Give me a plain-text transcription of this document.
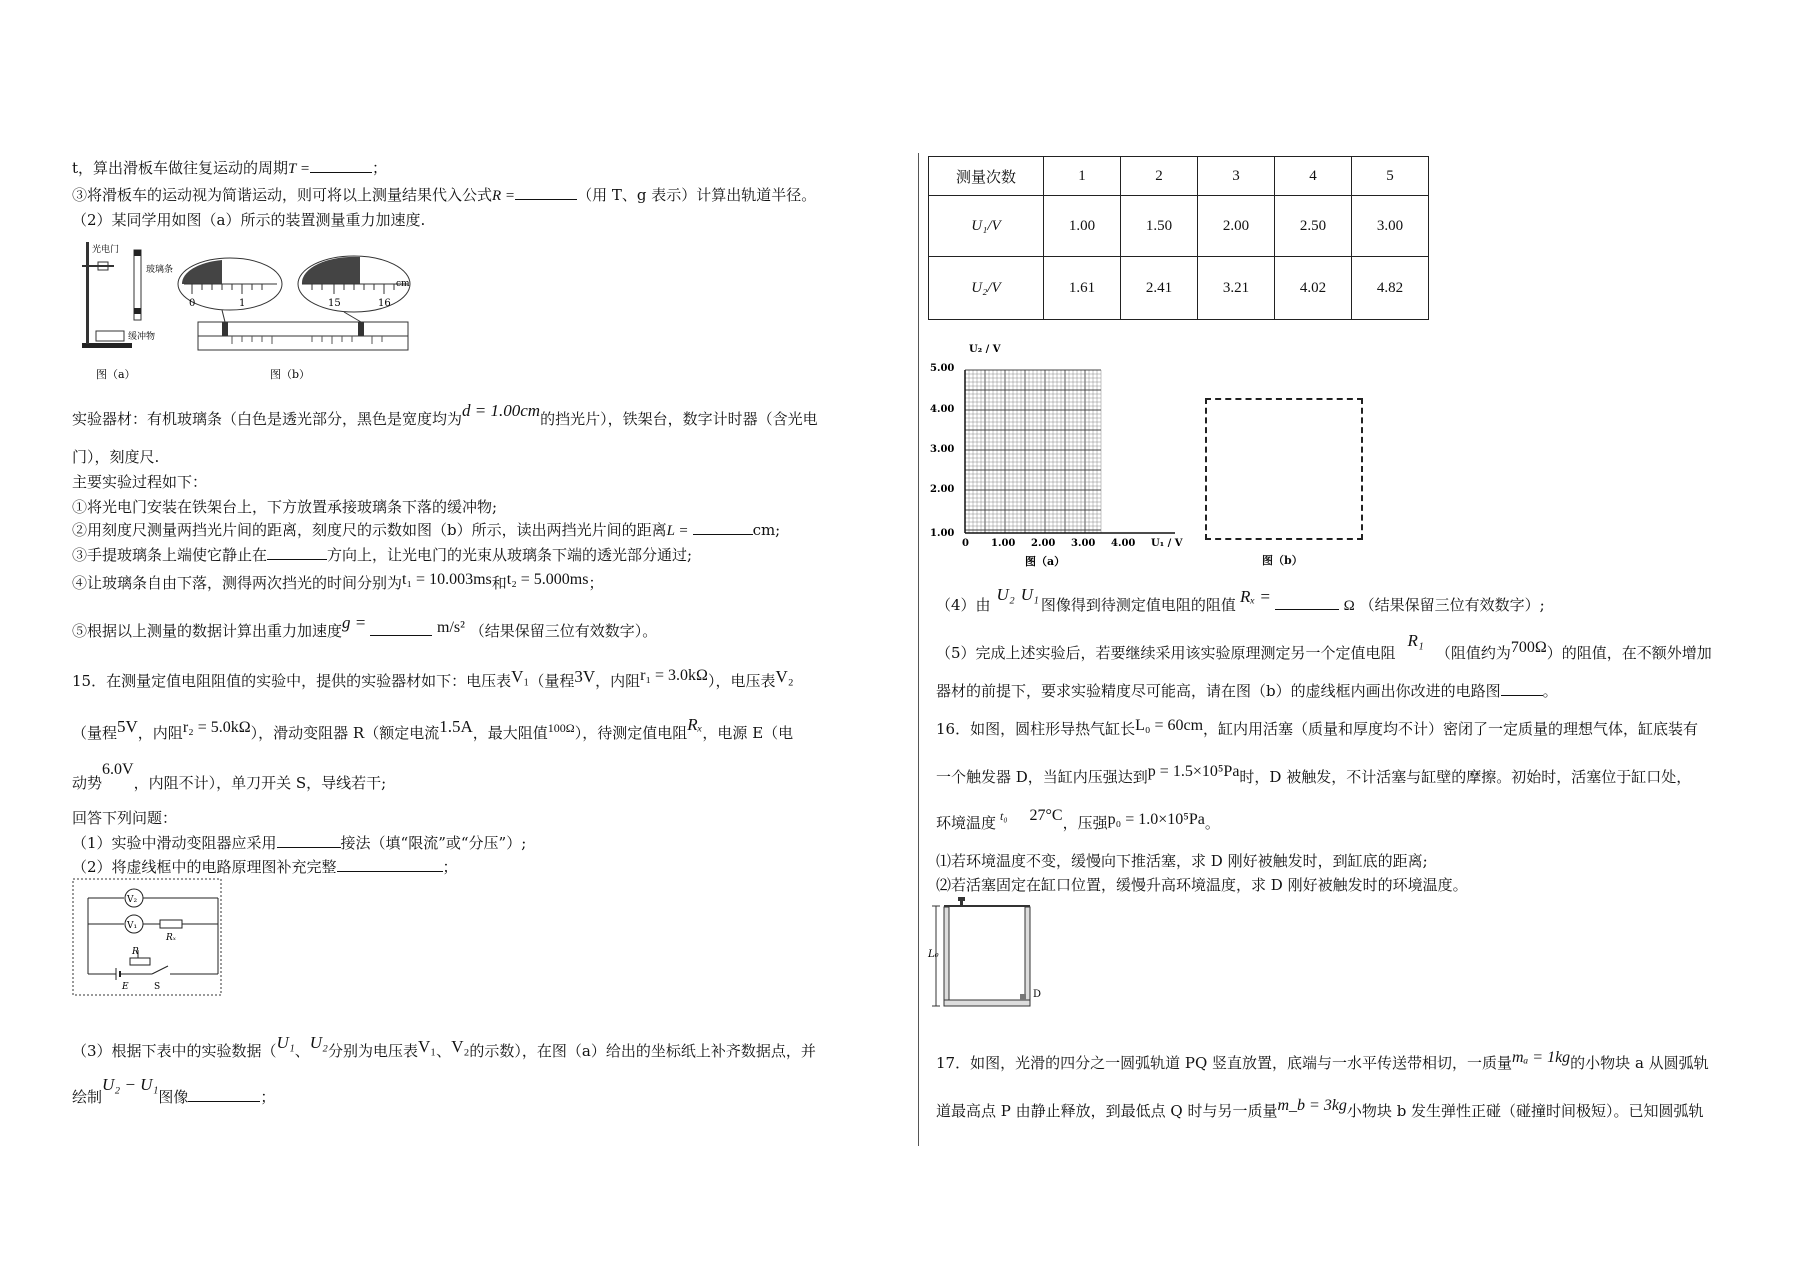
t，算出滑板车做往复运动的周期T =	；
③将滑板车的运动视为简谐运动，则可将以上测量结果代入公式R =	（用 T、g 表示）计算出轨道半径。
（2）某同学用如图（a）所示的装置测量重力加速度.
光电门
玻璃条
缓冲物
图（a）
0	1	15	16
cm
图（b）
实验器材：有机玻璃条（白色是透光部分，黑色是宽度均为d = 1.00cm的挡光片），铁架台，数字计时器（含光电
门），刻度尺.
主要实验过程如下：
①将光电门安装在铁架台上，下方放置承接玻璃条下落的缓冲物;
②用刻度尺测量两挡光片间的距离，刻度尺的示数如图（b）所示，读出两挡光片间的距离L =	cm;
③手提玻璃条上端使它静止在	方向上，让光电门的光束从玻璃条下端的透光部分通过;
④让玻璃条自由下落，测得两次挡光的时间分别为t₁ = 10.003ms和t₂ = 5.000ms；
⑤根据以上测量的数据计算出重力加速度g =	m/s² （结果保留三位有效数字）。
15．在测量定值电阻阻值的实验中，提供的实验器材如下：电压表V₁（量程3V，内阻r₁ = 3.0kΩ），电压表V₂
（量程5V，内阻r₂ = 5.0kΩ），滑动变阻器 R（额定电流1.5A，最大阻值$^{100\Omega}$），待测定值电阻Rₓ，电源 E（电
动势6.0V，内阻不计），单刀开关 S，导线若干;
回答下列问题：
（1）实验中滑动变阻器应采用	接法（填“限流”或“分压”）;
（2）将虚线框中的电路原理图补充完整	；
V₂
V₁
Rₓ
R
E	S
（3）根据下表中的实验数据（U₁、U₂分别为电压表V₁、V₂的示数），在图（a）给出的坐标纸上补齐数据点，并
绘制U₂ − U₁图像	；
测量次数	1	2	3	4	5
U₁/V	1.00	1.50	2.00	2.50	3.00
U₂/V	1.61	2.41	3.21	4.02	4.82
U₂ / V
U₁ / V
5.00
4.00
3.00
2.00
1.00
0 1.00 2.00 3.00 4.00
图（a）	图（b）
（4）由U₂ U₁图像得到待测定值电阻的阻值 Rₓ =	Ω （结果保留三位有效数字）;
（5）完成上述实验后，若要继续采用该实验原理测定另一个定值电阻R₁（阻值约为700Ω）的阻值，在不额外增加
器材的前提下，要求实验精度尽可能高，请在图（b）的虚线框内画出你改进的电路图	。
16．如图，圆柱形导热气缸长L₀ = 60cm，缸内用活塞（质量和厚度均不计）密闭了一定质量的理想气体，缸底装有
一个触发器 D，当缸内压强达到p = 1.5×10⁵Pa时，D 被触发，不计活塞与缸壁的摩擦。初始时，活塞位于缸口处，
环境温度 $^{t_0}$ 27°C，压强p₀ = 1.0×10⁵Pa。
⑴若环境温度不变，缓慢向下推活塞，求 D 刚好被触发时，到缸底的距离;
⑵若活塞固定在缸口位置，缓慢升高环境温度，求 D 刚好被触发时的环境温度。
D
L₀
17．如图，光滑的四分之一圆弧轨道 PQ 竖直放置，底端与一水平传送带相切，一质量mₐ = 1kg的小物块 a 从圆弧轨
道最高点 P 由静止释放，到最低点 Q 时与另一质量m_b = 3kg小物块 b 发生弹性正碰（碰撞时间极短）。已知圆弧轨
